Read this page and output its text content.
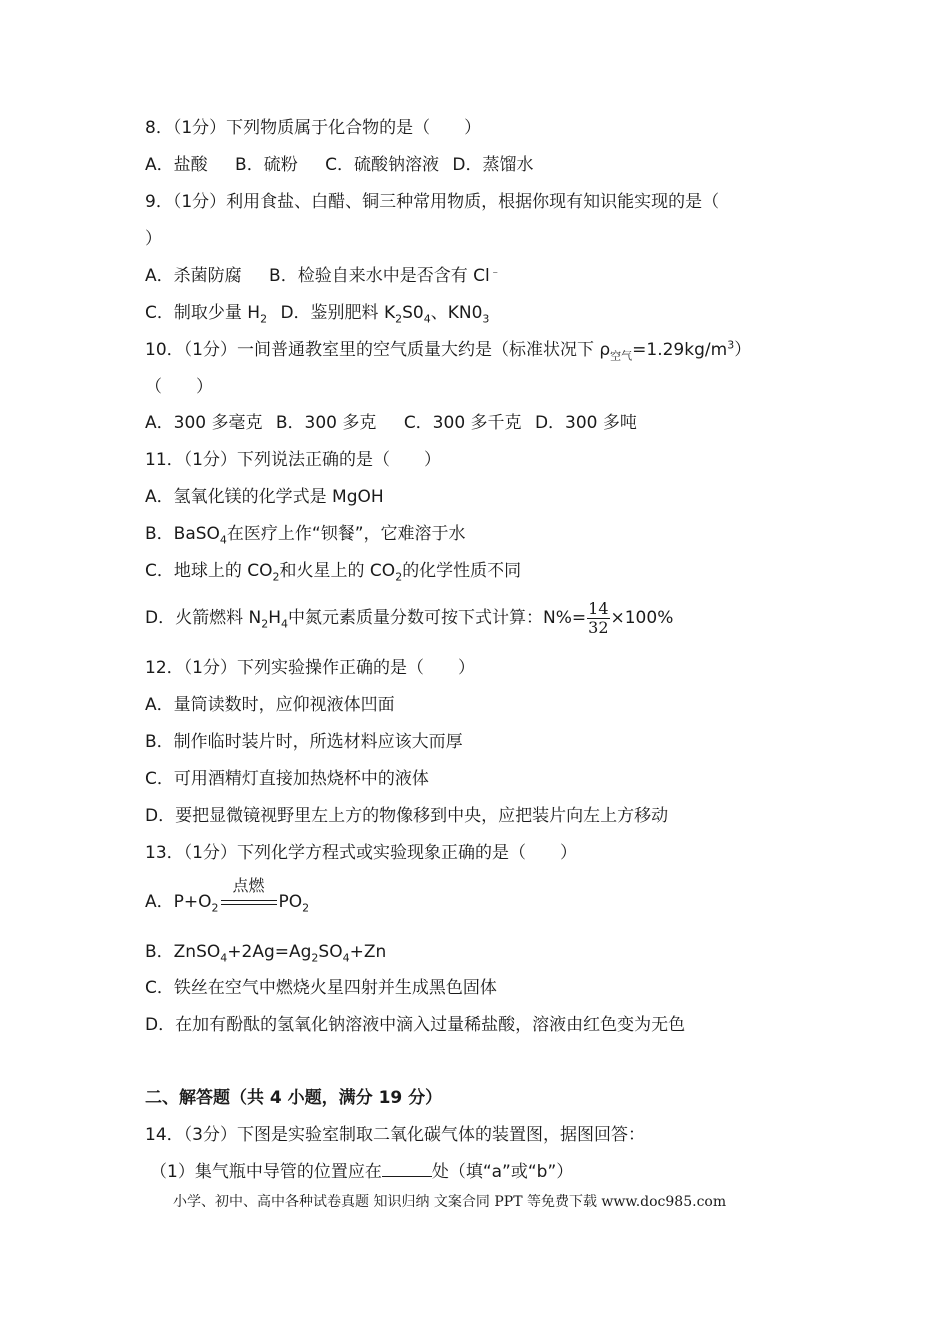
8．（1分）下列物质属于化合物的是（　　）
A．盐酸 B．硫粉 C．硫酸钠溶液 D．蒸馏水
9．（1分）利用食盐、白醋、铜三种常用物质，根据你现有知识能实现的是（
）
A．杀菌防腐 B．检验自来水中是否含有 Cl﹣
C．制取少量 $H_2$ D．鉴别肥料 $K_2S0_4$、$KN0_3$
10．（1分）一间普通教室里的空气质量大约是（标准状况下 $\rho_{空气}=1.29kg/m^3$）
（　　）
A．300 多毫克 B．300 多克 C．300 多千克 D．300 多吨
11．（1分）下列说法正确的是（　　）
A．氢氧化镁的化学式是 MgOH
B．BaSO$_4$在医疗上作“钡餐”，它难溶于水
C．地球上的 $CO_2$和火星上的 $CO_2$的化学性质不同
D．火箭燃料 $N_2H_4$中氮元素质量分数可按下式计算：$N\%= \frac{14}{32} \times 100\%$
12．（1分）下列实验操作正确的是（　　）
A．量筒读数时，应仰视液体凹面
B．制作临时装片时，所选材料应该大而厚
C．可用酒精灯直接加热烧杯中的液体
D．要把显微镜视野里左上方的物像移到中央，应把装片向左上方移动
13．（1分）下列化学方程式或实验现象正确的是（　　）
A．$P+O_2$
点燃
$PO_2$
B．$ZnSO_4+2Ag=Ag_2SO_4+Zn$
C．铁丝在空气中燃烧火星四射并生成黑色固体
D．在加有酚酞的氢氧化钠溶液中滴入过量稀盐酸，溶液由红色变为无色
二、解答题（共 4 小题，满分 19 分）
14．（3分）下图是实验室制取二氧化碳气体的装置图，据图回答：
（1）集气瓶中导管的位置应在	处（填“a”或“b”）
小学、初中、高中各种试卷真题 知识归纳 文案合同 PPT 等免费下载 www.doc985.com
